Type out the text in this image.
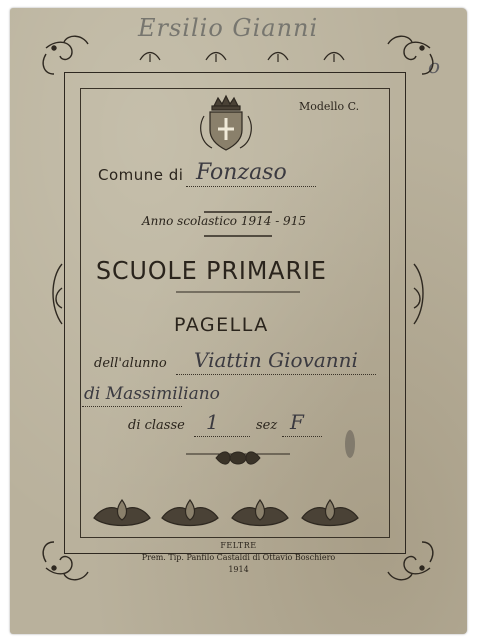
Ersilio Gianni
o
Modello C.
Comune di Fonzaso
Anno scolastico 1914 - 915
SCUOLE PRIMARIE
PAGELLA
dell'alunno Viattin Giovanni
di Massimiliano
di classe 1	sez F
FELTRE
Prem. Tip. Panfilo Castaldi di Ottavio Boschiero
1914
